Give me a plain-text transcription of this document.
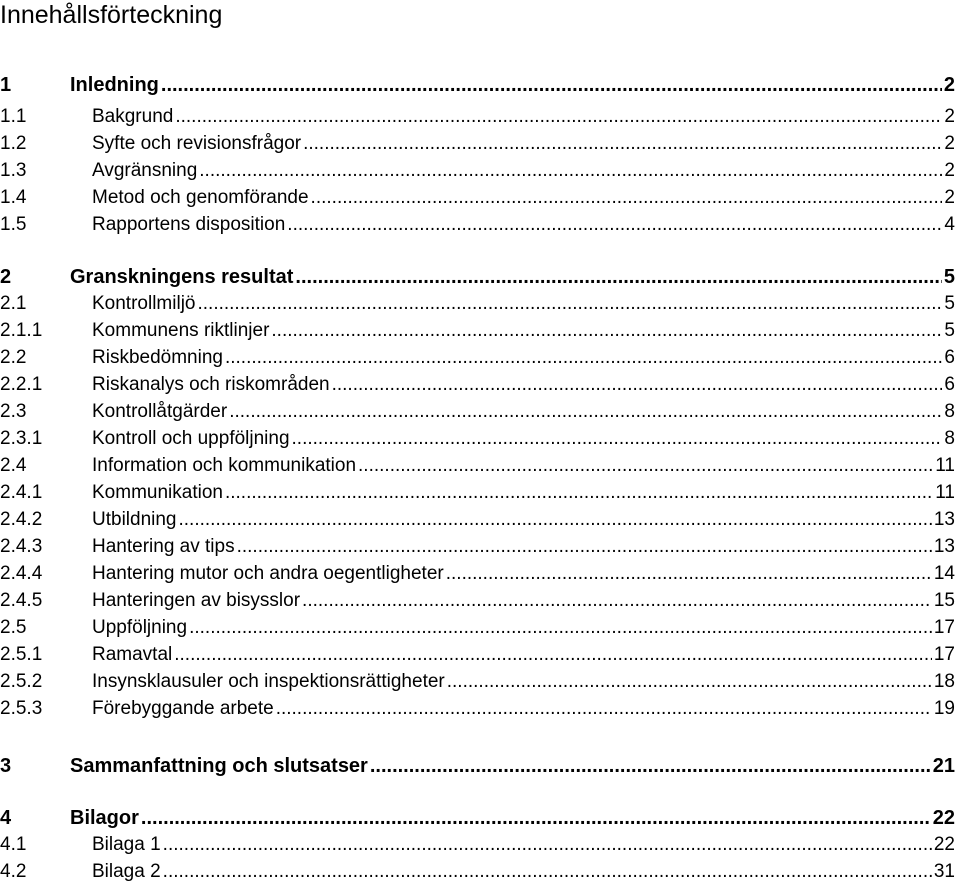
Innehållsförteckning
1	Inledning .....	2
1.1	Bakgrund .....	2
1.2	Syfte och revisionsfrågor .....	2
1.3	Avgränsning .....	2
1.4	Metod och genomförande .....	2
1.5	Rapportens disposition .....	4
2	Granskningens resultat .....	5
2.1	Kontrollmiljö .....	5
2.1.1	Kommunens riktlinjer .....	5
2.2	Riskbedömning .....	6
2.2.1	Riskanalys och riskområden .....	6
2.3	Kontrollåtgärder .....	8
2.3.1	Kontroll och uppföljning .....	8
2.4	Information och kommunikation .....	11
2.4.1	Kommunikation .....	11
2.4.2	Utbildning .....	13
2.4.3	Hantering av tips .....	13
2.4.4	Hantering mutor och andra oegentligheter .....	14
2.4.5	Hanteringen av bisysslor .....	15
2.5	Uppföljning .....	17
2.5.1	Ramavtal .....	17
2.5.2	Insynsklausuler och inspektionsrättigheter .....	18
2.5.3	Förebyggande arbete .....	19
3	Sammanfattning och slutsatser .....	21
4	Bilagor .....	22
4.1	Bilaga 1 .....	22
4.2	Bilaga 2 .....	31
